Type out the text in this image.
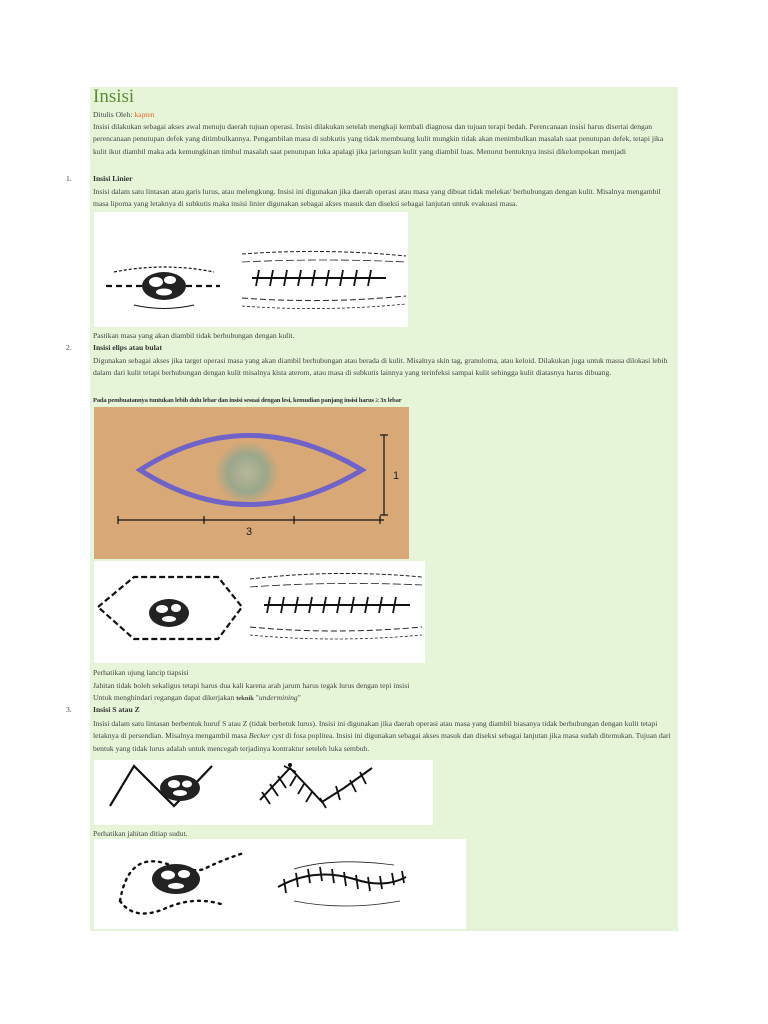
Insisi
Ditulis Oleh: kapten
Insisi dilakukan sebagai akses awal menuju daerah tujuan operasi. Insisi dilakukan setelah mengkaji kembali diagnosa dan tujuan terapi bedah. Perencanaan insisi harus disertai dengan perencanaan penutupan defek yang ditimbulkannya. Pengambilan masa di subkutis yang tidak membuang kulit mungkin tidak akan menimbulkan masalah saat penutupan defek, tetapi jika kulit ikut diambil maka ada kemungkinan timbul masalah saat penutupan luka apalagi jika jariongsan kulit yang diambil luas. Menurut bentuknya insisi dikelompokan menjadi
1.	Insisi Linier
Insisi dalam satu lintasan atau garis lurus, atau melengkung. Insisi ini digunakan jika daerah operasi atau masa yang dibuat tidak melekat/ berhubungan dengan kulit. Misalnya mengambil masa lipoma yang letaknya di subkutis maka insisi linier digunakan sebagai akses masuk dan diseksi sebagai lanjutan untuk evakuasi masa.
Pastikan masa yang akan diambil tidak berhubungan dengan kulit.
2.	Insisi elips atau bulat
Digunakan sebagai akses jika target operasi masa yang akan diambil berhubungan atau berada di kulit. Misalnya skin tag, granuloma, atau keloid. Dilakukan juga untuk massa dilokasi lebih dalam dari kulit tetapi berhubungan dengan kulit misalnya kista aterom, atau masa di subkutis lainnya yang terinfeksi sampai kulit sehingga kulit diatasnya harus dibuang.
Pada pembuatannya tuntukan lebih dulu lebar dan insisi sesuai dengan lesi, kemudian panjang insisi harus ≥ 3x lebar
1
3
Perhatikan ujung lancip tiapsisi
Jahitan tidak boleh sekaligus tetapi harus dua kali karena arah jarum harus tegak lurus dengan tepi insisi
Untuk menghindari regangan dapat dikerjakan teknik "undermining"
3.	Insisi S atau Z
Insisi dalam satu lintasan berbentuk huruf S atau Z (tidak berbetuk lurus). Insisi ini digunakan jika daerah operasi atau masa yang diambil biasanya tidak berhubungan dengan kulit tetapi letaknya di persendian. Misalnya mengambil masa Becker cyst di fosa poplitea. Insisi ini digunakan sebagai akses masuk dan diseksi sebagai lanjutan jika masa sudah ditemukan. Tujuan dari bentuk yang tidak lurus adalah untuk mencegah terjadinya kontraktur seteleh luka sembuh.
Perhatikan jahitan ditiap sudut.
